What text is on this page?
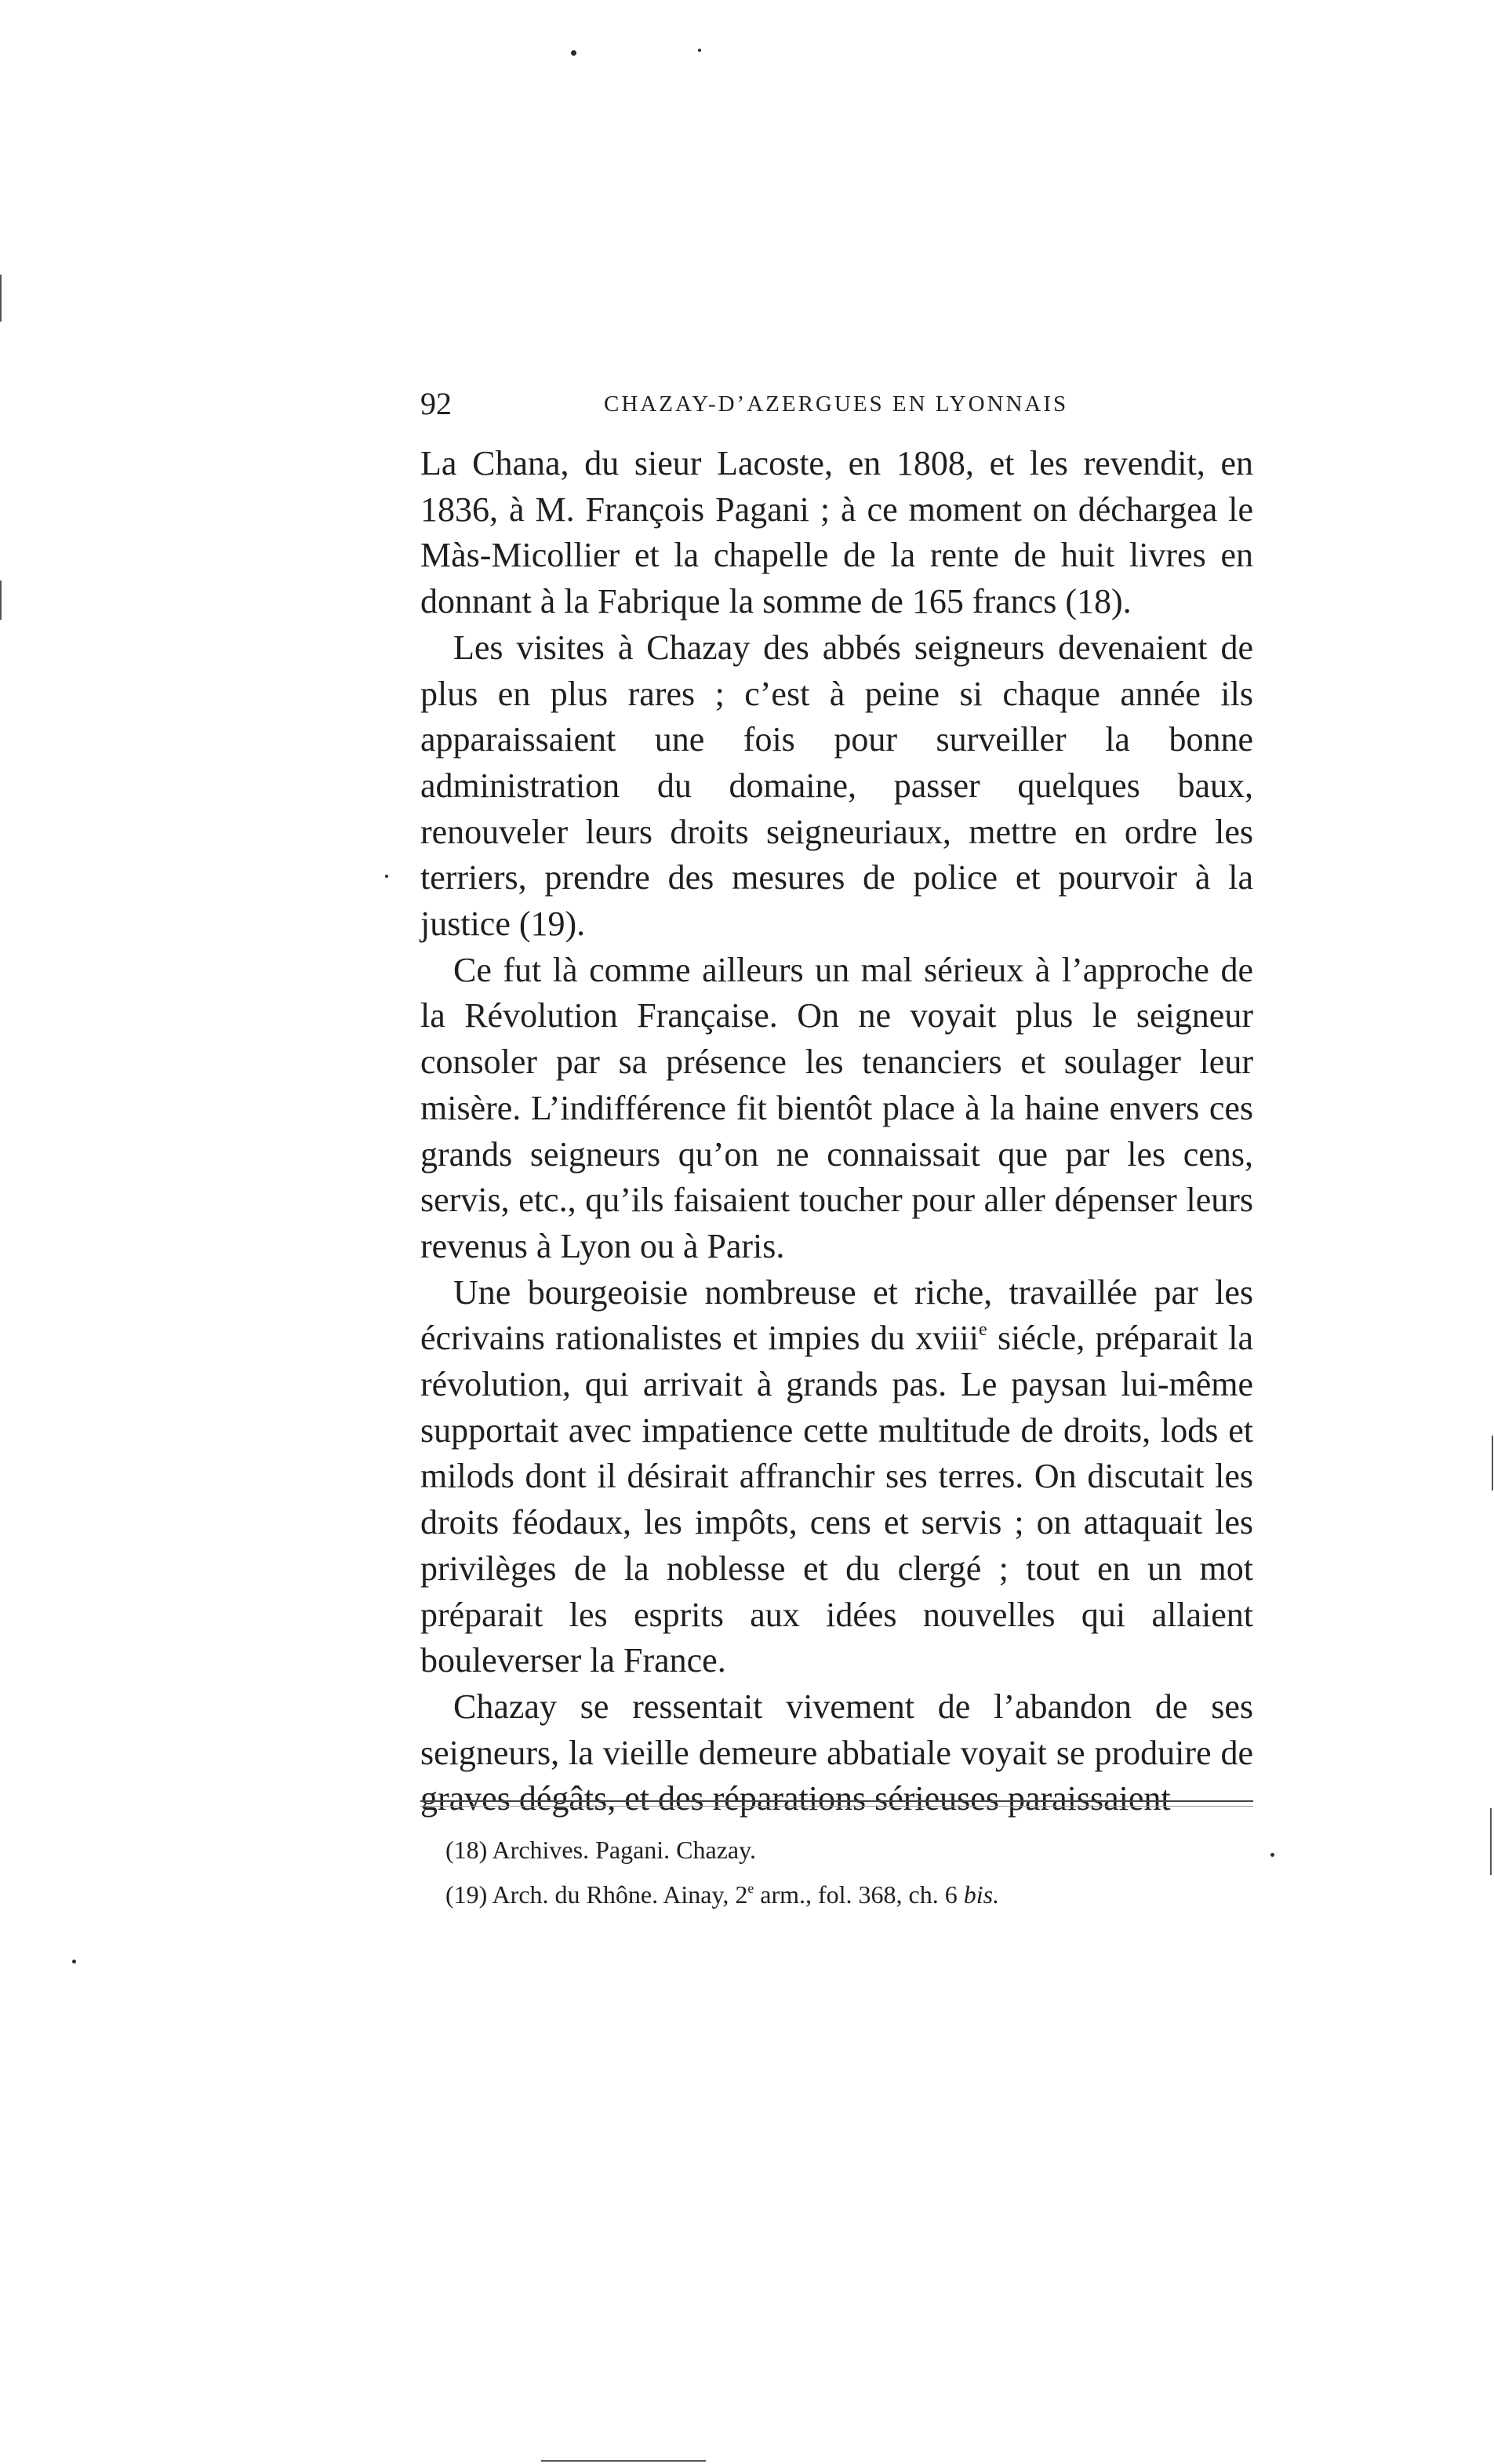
92	CHAZAY-D’AZERGUES EN LYONNAIS

La Chana, du sieur Lacoste, en 1808, et les revendit, en 1836, à M. François Pagani ; à ce moment on déchargea le Màs-Micollier et la chapelle de la rente de huit livres en donnant à la Fabrique la somme de 165 francs (18).

Les visites à Chazay des abbés seigneurs devenaient de plus en plus rares ; c’est à peine si chaque année ils apparaissaient une fois pour surveiller la bonne administration du domaine, passer quelques baux, renouveler leurs droits seigneuriaux, mettre en ordre les terriers, prendre des mesures de police et pourvoir à la justice (19).

Ce fut là comme ailleurs un mal sérieux à l’approche de la Révolution Française. On ne voyait plus le seigneur consoler par sa présence les tenanciers et soulager leur misère. L’indifférence fit bientôt place à la haine envers ces grands seigneurs qu’on ne connaissait que par les cens, servis, etc., qu’ils faisaient toucher pour aller dépenser leurs revenus à Lyon ou à Paris.

Une bourgeoisie nombreuse et riche, travaillée par les écrivains rationalistes et impies du xviii$^e$ siécle, préparait la révolution, qui arrivait à grands pas. Le paysan lui-même supportait avec impatience cette multitude de droits, lods et milods dont il désirait affranchir ses terres. On discutait les droits féodaux, les impôts, cens et servis ; on attaquait les privilèges de la noblesse et du clergé ; tout en un mot préparait les esprits aux idées nouvelles qui allaient bouleverser la France.

Chazay se ressentait vivement de l’abandon de ses seigneurs, la vieille demeure abbatiale voyait se produire de graves dégâts, et des réparations sérieuses paraissaient

(18) Archives. Pagani. Chazay.

(19) Arch. du Rhône. Ainay, 2e arm., fol. 368, ch. 6 bis.
